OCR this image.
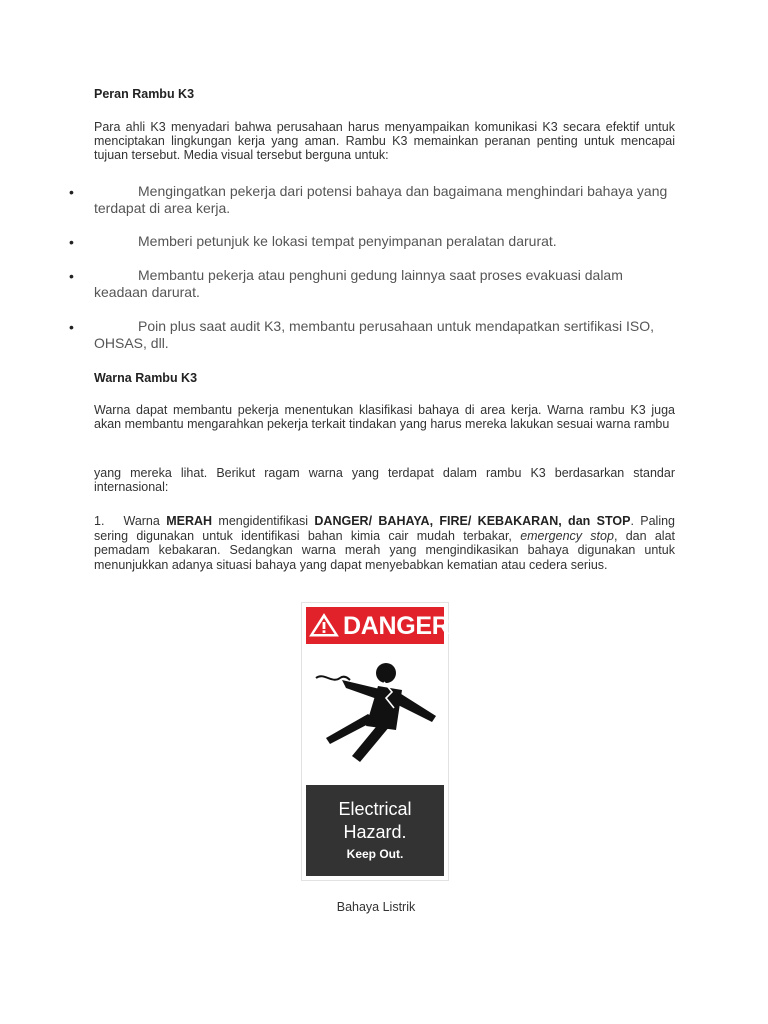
Peran Rambu K3

Para ahli K3 menyadari bahwa perusahaan harus menyampaikan komunikasi K3 secara efektif untuk menciptakan lingkungan kerja yang aman. Rambu K3 memainkan peranan penting untuk mencapai tujuan tersebut. Media visual tersebut berguna untuk:

•	Mengingatkan pekerja dari potensi bahaya dan bagaimana menghindari bahaya yang terdapat di area kerja.
•	Memberi petunjuk ke lokasi tempat penyimpanan peralatan darurat.
•	Membantu pekerja atau penghuni gedung lainnya saat proses evakuasi dalam keadaan darurat.
•	Poin plus saat audit K3, membantu perusahaan untuk mendapatkan sertifikasi ISO, OHSAS, dll.
Warna Rambu K3

Warna dapat membantu pekerja menentukan klasifikasi bahaya di area kerja. Warna rambu K3 juga akan membantu mengarahkan pekerja terkait tindakan yang harus mereka lakukan sesuai warna rambu

yang mereka lihat. Berikut ragam warna yang terdapat dalam rambu K3 berdasarkan standar internasional:

1. Warna MERAH mengidentifikasi DANGER/ BAHAYA, FIRE/ KEBAKARAN, dan STOP. Paling sering digunakan untuk identifikasi bahan kimia cair mudah terbakar, emergency stop, dan alat pemadam kebakaran. Sedangkan warna merah yang mengindikasikan bahaya digunakan untuk menunjukkan adanya situasi bahaya yang dapat menyebabkan kematian atau cedera serius.

DANGER
Electrical
Hazard.
Keep Out.
Bahaya Listrik
